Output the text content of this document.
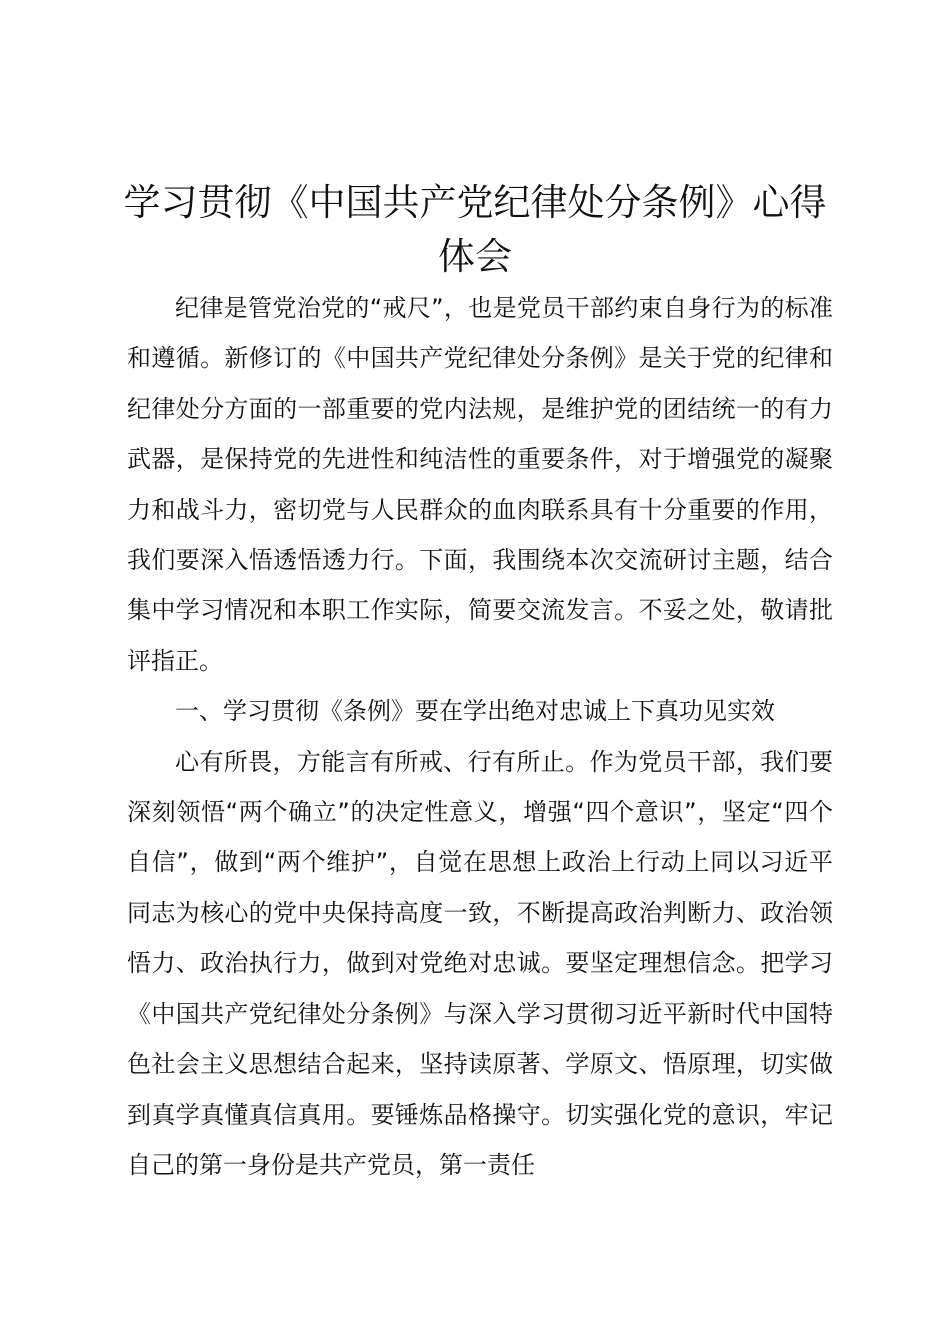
学习贯彻《中国共产党纪律处分条例》心得体会

纪律是管党治党的“戒尺”，也是党员干部约束自身行为的标准和遵循。新修订的《中国共产党纪律处分条例》是关于党的纪律和纪律处分方面的一部重要的党内法规，是维护党的团结统一的有力武器，是保持党的先进性和纯洁性的重要条件，对于增强党的凝聚力和战斗力，密切党与人民群众的血肉联系具有十分重要的作用，我们要深入悟透悟透力行。下面，我围绕本次交流研讨主题，结合集中学习情况和本职工作实际，简要交流发言。不妥之处，敬请批评指正。

一、学习贯彻《条例》要在学出绝对忠诚上下真功见实效

心有所畏，方能言有所戒、行有所止。作为党员干部，我们要深刻领悟“两个确立”的决定性意义，增强“四个意识”，坚定“四个自信”，做到“两个维护”，自觉在思想上政治上行动上同以习近平同志为核心的党中央保持高度一致，不断提高政治判断力、政治领悟力、政治执行力，做到对党绝对忠诚。要坚定理想信念。把学习《中国共产党纪律处分条例》与深入学习贯彻习近平新时代中国特色社会主义思想结合起来，坚持读原著、学原文、悟原理，切实做到真学真懂真信真用。要锤炼品格操守。切实强化党的意识，牢记自己的第一身份是共产党员，第一责任
